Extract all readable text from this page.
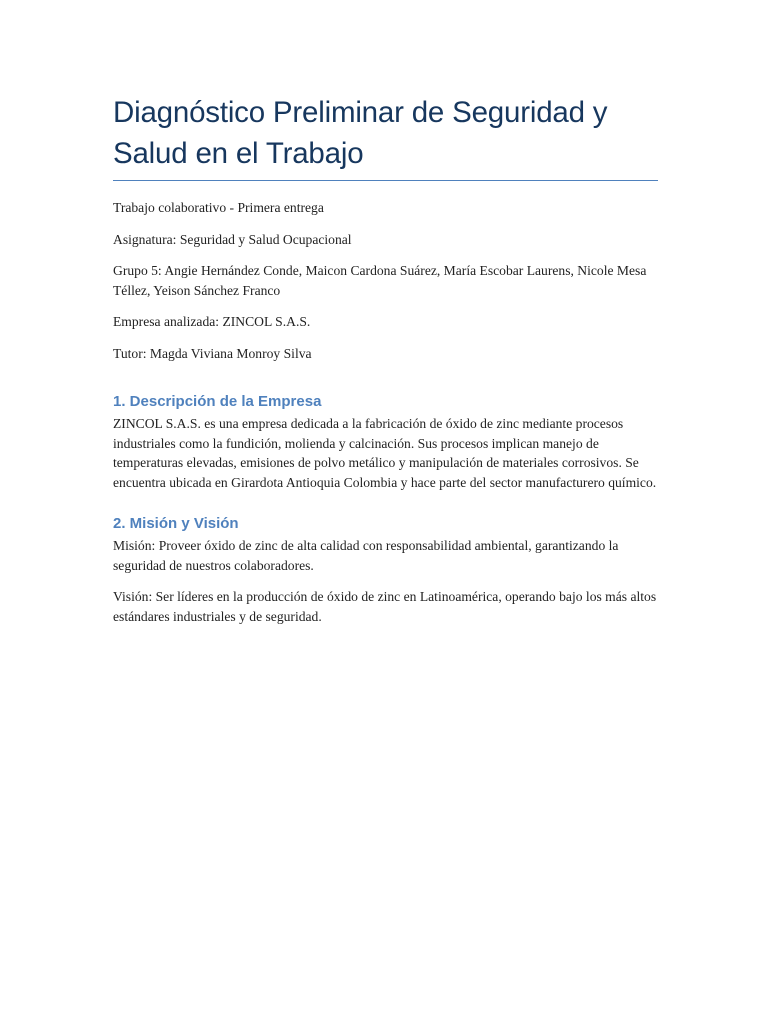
Diagnóstico Preliminar de Seguridad y Salud en el Trabajo

Trabajo colaborativo - Primera entrega

Asignatura: Seguridad y Salud Ocupacional

Grupo 5: Angie Hernández Conde, Maicon Cardona Suárez, María Escobar Laurens, Nicole Mesa Téllez, Yeison Sánchez Franco

Empresa analizada: ZINCOL S.A.S.

Tutor: Magda Viviana Monroy Silva

1. Descripción de la Empresa

ZINCOL S.A.S. es una empresa dedicada a la fabricación de óxido de zinc mediante procesos industriales como la fundición, molienda y calcinación. Sus procesos implican manejo de temperaturas elevadas, emisiones de polvo metálico y manipulación de materiales corrosivos. Se encuentra ubicada en Girardota Antioquia Colombia y hace parte del sector manufacturero químico.

2. Misión y Visión

Misión: Proveer óxido de zinc de alta calidad con responsabilidad ambiental, garantizando la seguridad de nuestros colaboradores.

Visión: Ser líderes en la producción de óxido de zinc en Latinoamérica, operando bajo los más altos estándares industriales y de seguridad.
